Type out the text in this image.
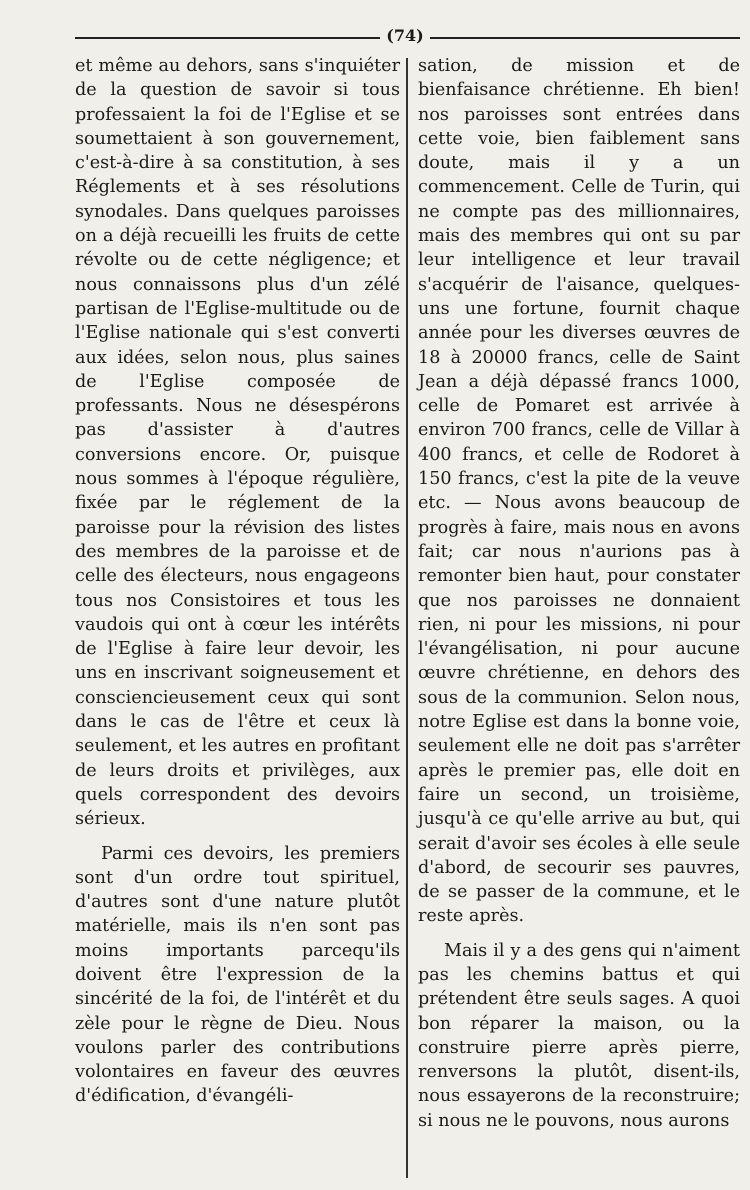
(74)

et même au dehors, sans s'inquiéter de la question de savoir si tous professaient la foi de l'Eglise et se soumettaient à son gouvernement, c'est-à-dire à sa constitution, à ses Réglements et à ses résolutions synodales. Dans quelques paroisses on a déjà recueilli les fruits de cette révolte ou de cette négligence; et nous connaissons plus d'un zélé partisan de l'Eglise-multitude ou de l'Eglise nationale qui s'est converti aux idées, selon nous, plus saines de l'Eglise composée de professants. Nous ne désespérons pas d'assister à d'autres conversions encore. Or, puisque nous sommes à l'époque régulière, fixée par le réglement de la paroisse pour la révision des listes des membres de la paroisse et de celle des électeurs, nous engageons tous nos Consistoires et tous les vaudois qui ont à cœur les intérêts de l'Eglise à faire leur devoir, les uns en inscrivant soigneusement et consciencieusement ceux qui sont dans le cas de l'être et ceux là seulement, et les autres en profitant de leurs droits et privilèges, aux quels correspondent des devoirs sérieux.

Parmi ces devoirs, les premiers sont d'un ordre tout spirituel, d'autres sont d'une nature plutôt matérielle, mais ils n'en sont pas moins importants parcequ'ils doivent être l'expression de la sincérité de la foi, de l'intérêt et du zèle pour le règne de Dieu. Nous voulons parler des contributions volontaires en faveur des œuvres d'édification, d'évangéli-

sation, de mission et de bienfaisance chrétienne. Eh bien! nos paroisses sont entrées dans cette voie, bien faiblement sans doute, mais il y a un commencement. Celle de Turin, qui ne compte pas des millionnaires, mais des membres qui ont su par leur intelligence et leur travail s'acquérir de l'aisance, quelques-uns une fortune, fournit chaque année pour les diverses œuvres de 18 à 20000 francs, celle de Saint Jean a déjà dépassé francs 1000, celle de Pomaret est arrivée à environ 700 francs, celle de Villar à 400 francs, et celle de Rodoret à 150 francs, c'est la pite de la veuve etc. — Nous avons beaucoup de progrès à faire, mais nous en avons fait; car nous n'aurions pas à remonter bien haut, pour constater que nos paroisses ne donnaient rien, ni pour les missions, ni pour l'évangélisation, ni pour aucune œuvre chrétienne, en dehors des sous de la communion. Selon nous, notre Eglise est dans la bonne voie, seulement elle ne doit pas s'arrêter après le premier pas, elle doit en faire un second, un troisième, jusqu'à ce qu'elle arrive au but, qui serait d'avoir ses écoles à elle seule d'abord, de secourir ses pauvres, de se passer de la commune, et le reste après.

Mais il y a des gens qui n'aiment pas les chemins battus et qui prétendent être seuls sages. A quoi bon réparer la maison, ou la construire pierre après pierre, renversons la plutôt, disent-ils, nous essayerons de la reconstruire; si nous ne le pouvons, nous aurons
